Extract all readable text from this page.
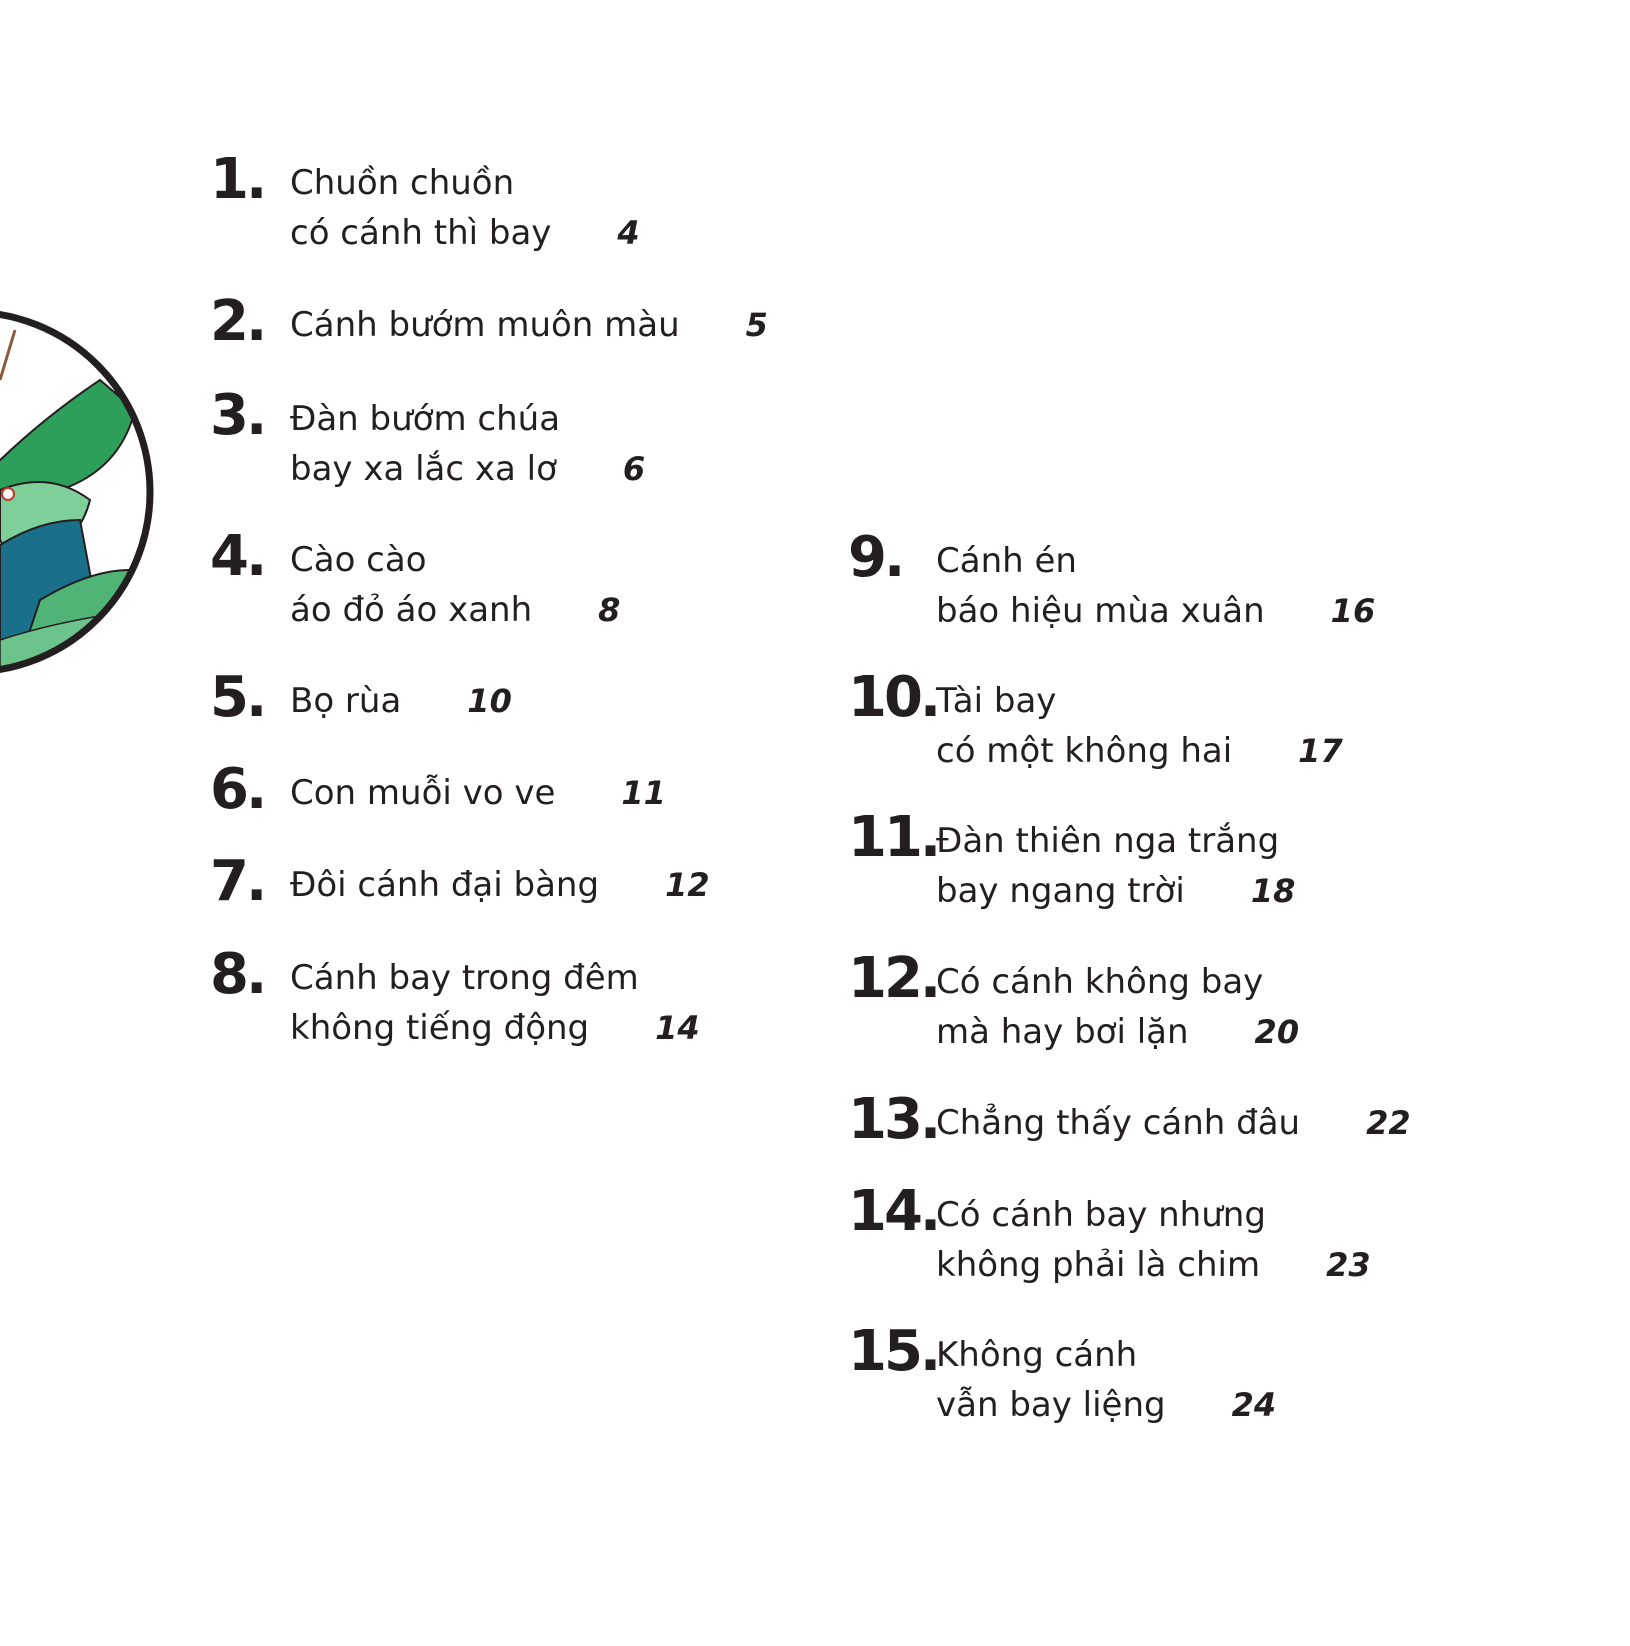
1. Chuồn chuồn
có cánh thì bay 4
2. Cánh bướm muôn màu 5
3. Đàn bướm chúa
bay xa lắc xa lơ 6
4. Cào cào
áo đỏ áo xanh 8
5. Bọ rùa 10
6. Con muỗi vo ve 11
7. Đôi cánh đại bàng 12
8. Cánh bay trong đêm
không tiếng động 14
9. Cánh én
báo hiệu mùa xuân 16
10.
Tài bay
có một không hai 17
11.
Đàn thiên nga trắng
bay ngang trời 18
12.
Có cánh không bay
mà hay bơi lặn 20
13.
Chẳng thấy cánh đâu 22
14.
Có cánh bay nhưng
không phải là chim 23
15.
Không cánh
vẫn bay liệng 24
